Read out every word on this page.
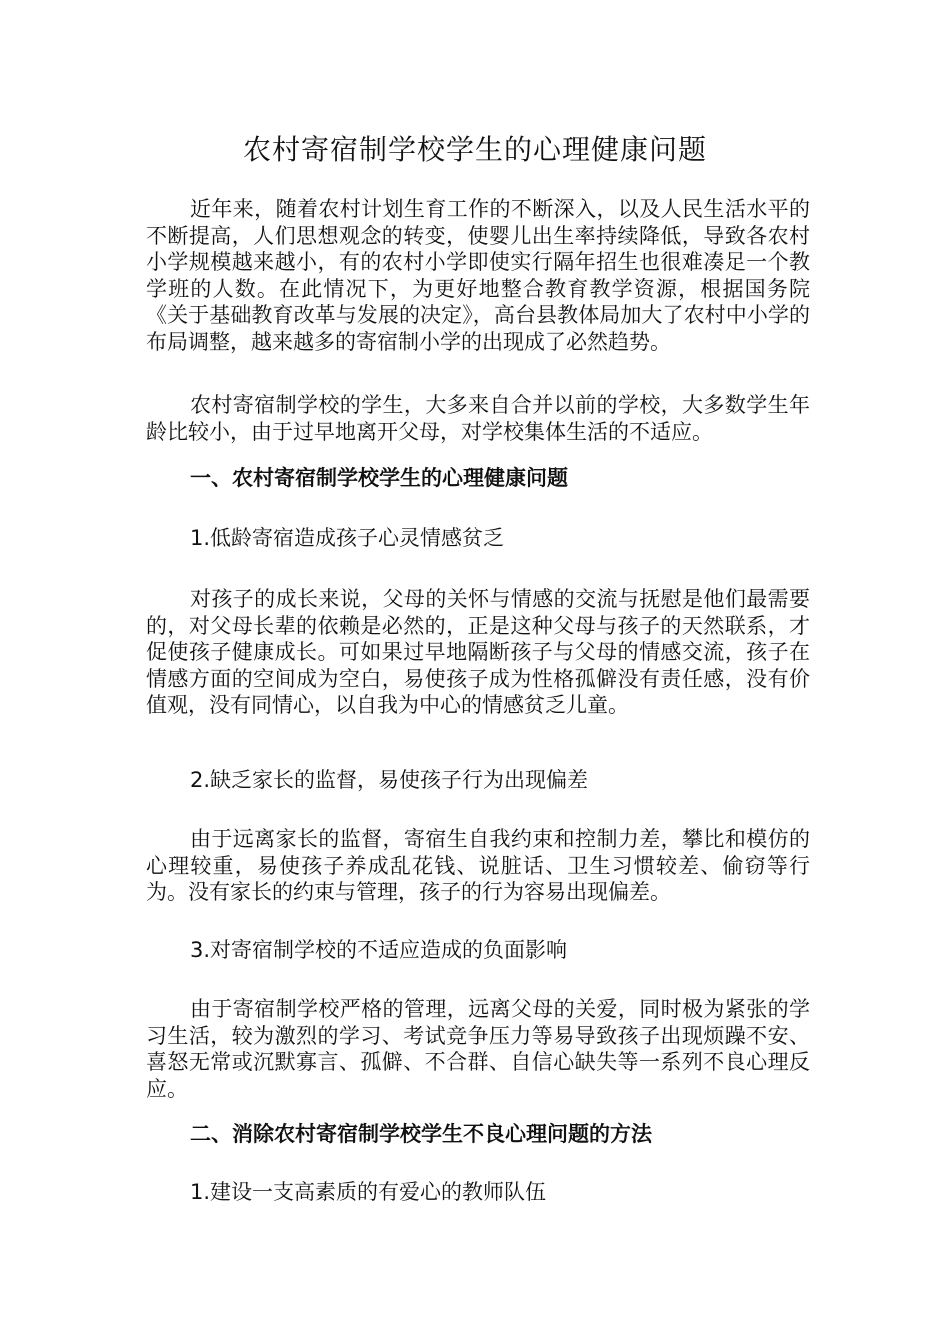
农村寄宿制学校学生的心理健康问题

近年来，随着农村计划生育工作的不断深入，以及人民生活水平的不断提高，人们思想观念的转变，使婴儿出生率持续降低，导致各农村小学规模越来越小，有的农村小学即使实行隔年招生也很难凑足一个教学班的人数。在此情况下，为更好地整合教育教学资源，根据国务院《关于基础教育改革与发展的决定》，高台县教体局加大了农村中小学的布局调整，越来越多的寄宿制小学的出现成了必然趋势。

农村寄宿制学校的学生，大多来自合并以前的学校，大多数学生年龄比较小，由于过早地离开父母，对学校集体生活的不适应。

一、农村寄宿制学校学生的心理健康问题

1.低龄寄宿造成孩子心灵情感贫乏

对孩子的成长来说，父母的关怀与情感的交流与抚慰是他们最需要的，对父母长辈的依赖是必然的，正是这种父母与孩子的天然联系，才促使孩子健康成长。可如果过早地隔断孩子与父母的情感交流，孩子在情感方面的空间成为空白，易使孩子成为性格孤僻没有责任感，没有价值观，没有同情心，以自我为中心的情感贫乏儿童。

2.缺乏家长的监督，易使孩子行为出现偏差

由于远离家长的监督，寄宿生自我约束和控制力差，攀比和模仿的心理较重，易使孩子养成乱花钱、说脏话、卫生习惯较差、偷窃等行为。没有家长的约束与管理，孩子的行为容易出现偏差。

3.对寄宿制学校的不适应造成的负面影响

由于寄宿制学校严格的管理，远离父母的关爱，同时极为紧张的学习生活，较为激烈的学习、考试竞争压力等易导致孩子出现烦躁不安、喜怒无常或沉默寡言、孤僻、不合群、自信心缺失等一系列不良心理反应。

二、消除农村寄宿制学校学生不良心理问题的方法

1.建设一支高素质的有爱心的教师队伍
